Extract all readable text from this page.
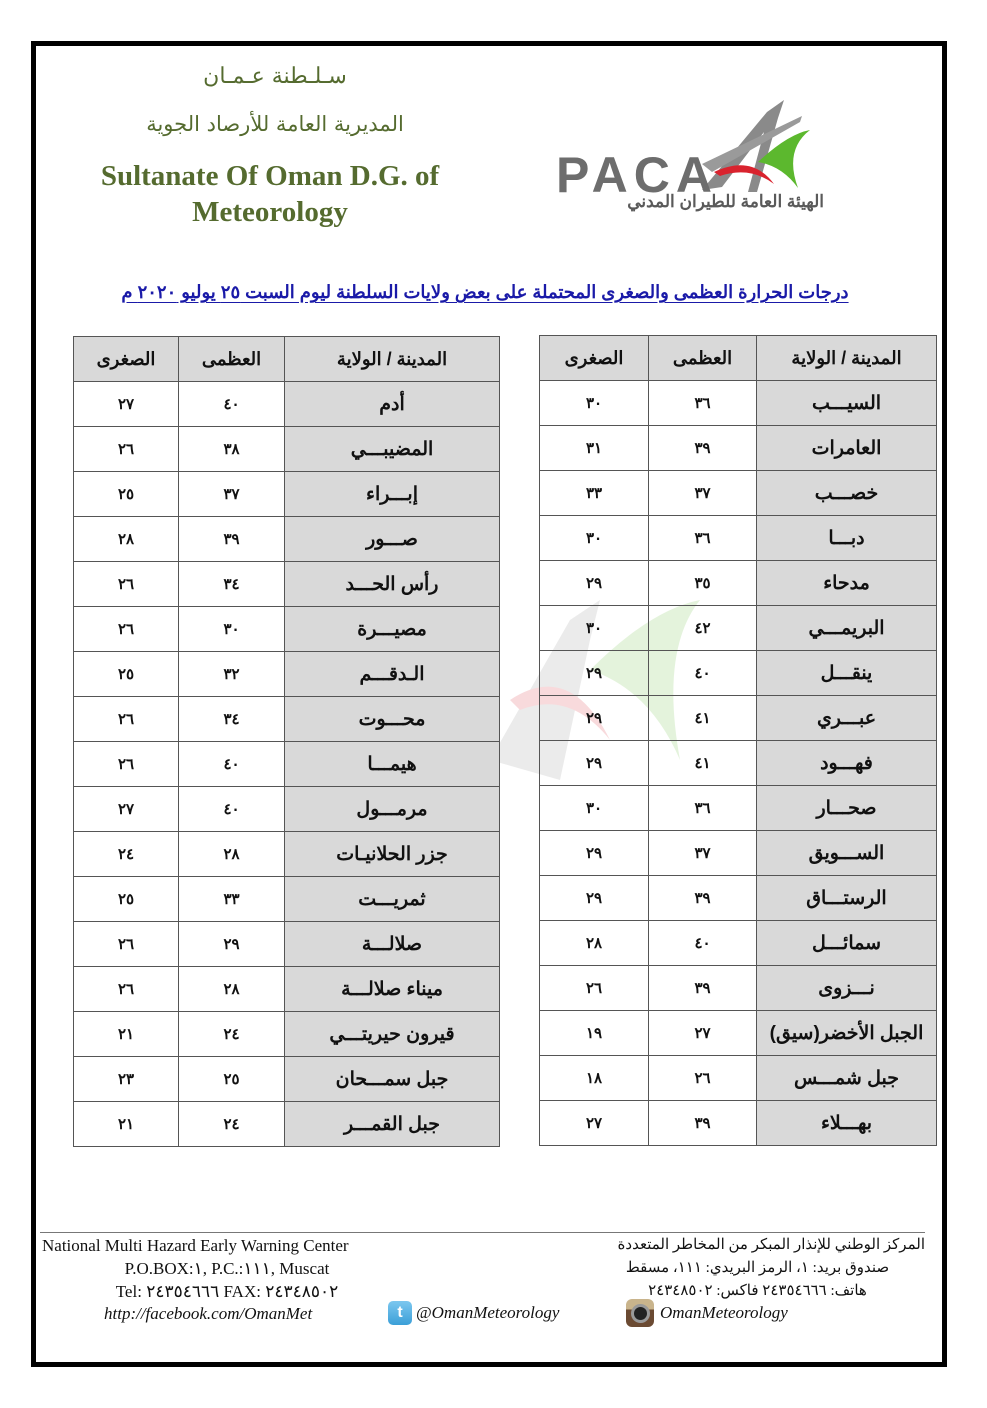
سـلـطنة عـمـان
المديرية العامة للأرصاد الجوية
Sultanate Of Oman D.G. of Meteorology
PACA
الهيئة العامة للطيران المدني
درجات الحرارة العظمى والصغرى المحتملة على بعض ولايات السلطنة ليوم السبت ٢٥ يوليو ٢٠٢٠ م
المدينة / الولاية	العظمى	الصغرى
السيـــب	٣٦	٣٠
العامرات	٣٩	٣١
خصـــب	٣٧	٣٣
دبـــا	٣٦	٣٠
مدحاء	٣٥	٢٩
البريمـــي	٤٢	٣٠
ينقـــل	٤٠	٢٩
عبـــري	٤١	٢٩
فهـــود	٤١	٢٩
صحـــار	٣٦	٣٠
الســـويق	٣٧	٢٩
الرستـــاق	٣٩	٢٩
سمائـــل	٤٠	٢٨
نـــزوى	٣٩	٢٦
الجبل الأخضر(سيق)	٢٧	١٩
جبل شمـــس	٢٦	١٨
بهـــلاء	٣٩	٢٧
المدينة / الولاية	العظمى	الصغرى
أدم	٤٠	٢٧
المضيبـــي	٣٨	٢٦
إبـــراء	٣٧	٢٥
صـــور	٣٩	٢٨
رأس الحـــد	٣٤	٢٦
مصيـــرة	٣٠	٢٦
الـدقـــم	٣٢	٢٥
محـــوت	٣٤	٢٦
هيمـــا	٤٠	٢٦
مرمـــول	٤٠	٢٧
جزر الحلانيـات	٢٨	٢٤
ثمريـــت	٣٣	٢٥
صلالـــة	٢٩	٢٦
ميناء صلالـــة	٢٨	٢٦
قيرون حيريتـــي	٢٤	٢١
جبل سمـــحان	٢٥	٢٣
جبل القمـــر	٢٤	٢١
National Multi Hazard Early Warning Center
P.O.BOX:١, P.C.:١١١, Muscat
Tel: ٢٤٣٥٤٦٦٦ FAX: ٢٤٣٤٨٥٠٢
المركز الوطني للإنذار المبكر من المخاطر المتعددة
صندوق بريد: ١، الرمز البريدي: ١١١، مسقط
هاتف: ٢٤٣٥٤٦٦٦ فاكس: ٢٤٣٤٨٥٠٢
http://facebook.com/OmanMet	t @OmanMeteorology	OmanMeteorology
